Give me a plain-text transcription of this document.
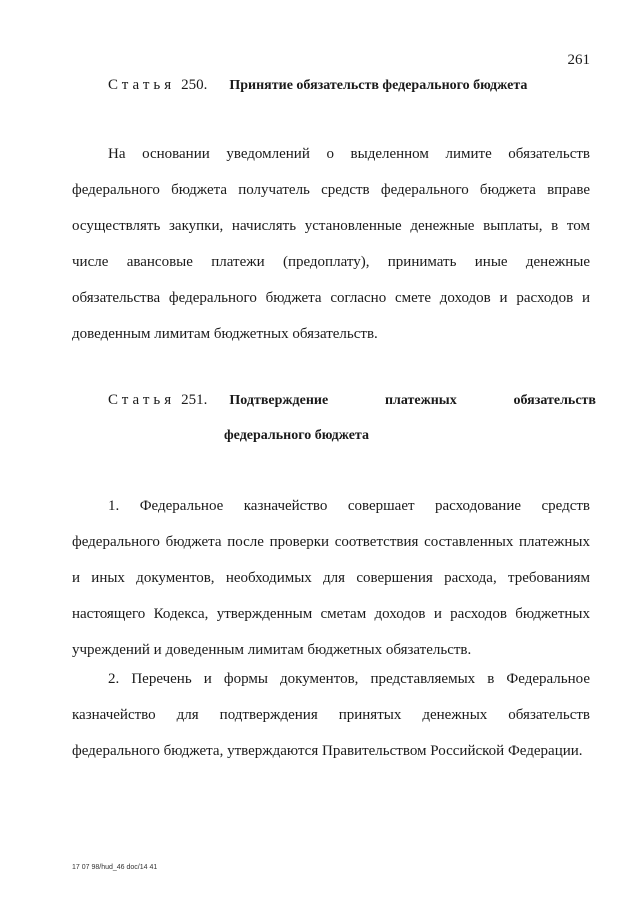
261
Статья 250. Принятие обязательств федерального бюджета

На основании уведомлений о выделенном лимите обязательств федерального бюджета получатель средств федерального бюджета вправе осуществлять закупки, начислять установленные денежные выплаты, в том числе авансовые платежи (предоплату), принимать иные денежные обязательства федерального бюджета согласно смете доходов и расходов и доведенным лимитам бюджетных обязательств.

Статья 251. Подтверждение	платежных	обязательств
федерального бюджета

1. Федеральное казначейство совершает расходование средств федерального бюджета после проверки соответствия составленных платежных и иных документов, необходимых для совершения расхода, требованиям настоящего Кодекса, утвержденным сметам доходов и расходов бюджетных учреждений и доведенным лимитам бюджетных обязательств.

2. Перечень и формы документов, представляемых в Федеральное казначейство для подтверждения принятых денежных обязательств федерального бюджета, утверждаются Правительством Российской Федерации.

17 07 98/hud_46 doc/14 41
